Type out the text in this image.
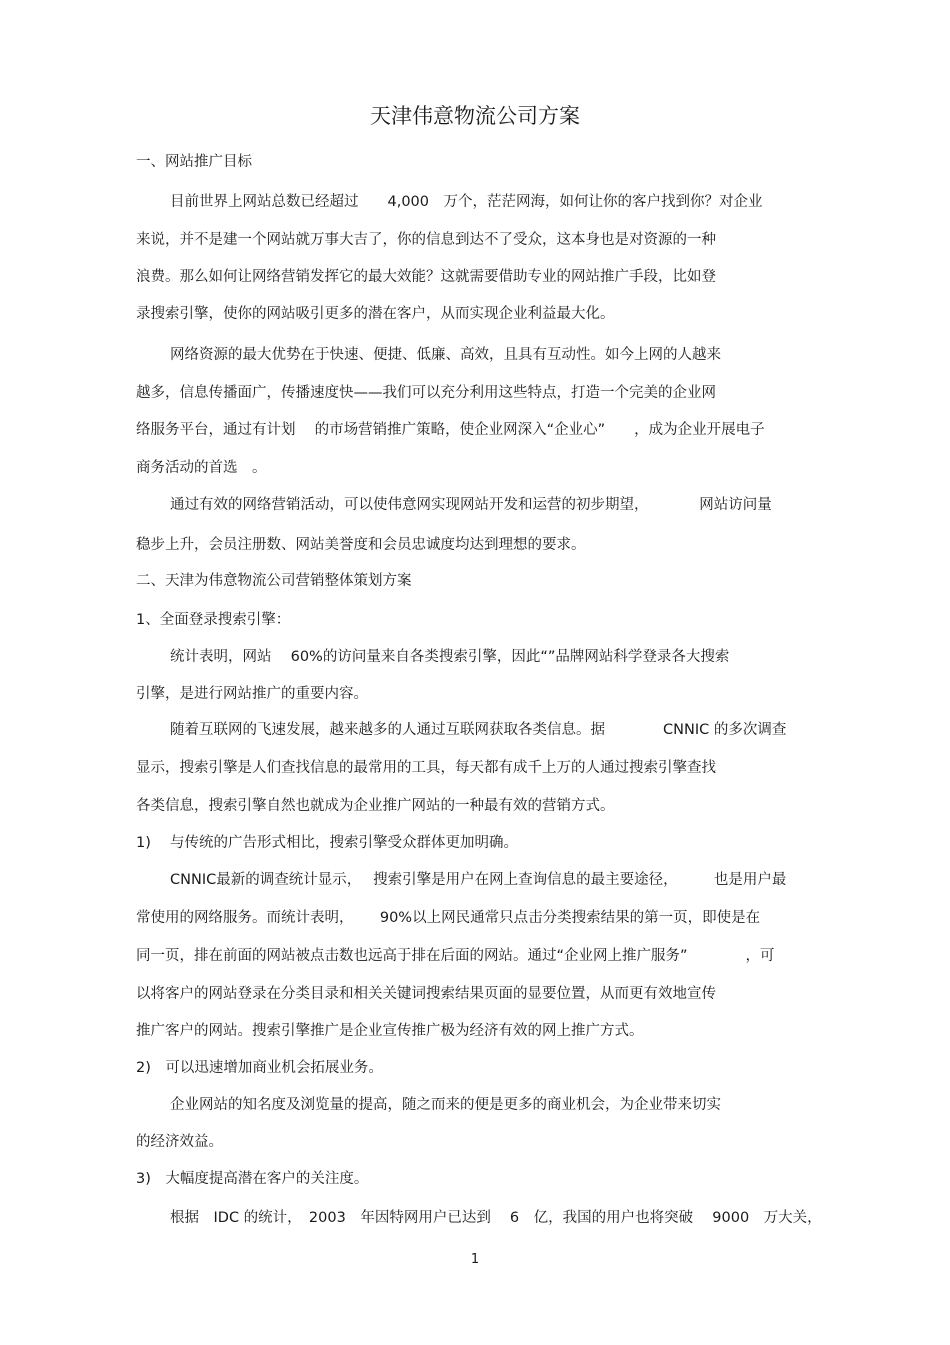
天津伟意物流公司方案
一、网站推广目标
目前世界上网站总数已经超过　　4,000　万个，茫茫网海，如何让你的客户找到你？对企业
来说，并不是建一个网站就万事大吉了，你的信息到达不了受众，这本身也是对资源的一种
浪费。那么如何让网络营销发挥它的最大效能？这就需要借助专业的网站推广手段，比如登
录搜索引擎，使你的网站吸引更多的潜在客户，从而实现企业利益最大化。
网络资源的最大优势在于快速、便捷、低廉、高效，且具有互动性。如今上网的人越来
越多，信息传播面广，传播速度快——我们可以充分利用这些特点，打造一个完美的企业网
络服务平台，通过有计划　 的市场营销推广策略，使企业网深入“企业心”　　，成为企业开展电子
商务活动的首选　。
通过有效的网络营销活动，可以使伟意网实现网站开发和运营的初步期望，　　　　网站访问量
稳步上升，会员注册数、网站美誉度和会员忠诚度均达到理想的要求。
二、天津为伟意物流公司营销整体策划方案
1、全面登录搜索引擎：
统计表明，网站　 60%的访问量来自各类搜索引擎，因此“”品牌网站科学登录各大搜索
引擎，是进行网站推广的重要内容。
随着互联网的飞速发展，越来越多的人通过互联网获取各类信息。据　　　　CNNIC 的多次调查
显示，搜索引擎是人们查找信息的最常用的工具，每天都有成千上万的人通过搜索引擎查找
各类信息，搜索引擎自然也就成为企业推广网站的一种最有效的营销方式。
1)　 与传统的广告形式相比，搜索引擎受众群体更加明确。
CNNIC最新的调查统计显示，　 搜索引擎是用户在网上查询信息的最主要途径，　　　也是用户最
常使用的网络服务。而统计表明，　　 90%以上网民通常只点击分类搜索结果的第一页，即使是在
同一页，排在前面的网站被点击数也远高于排在后面的网站。通过“企业网上推广服务”　　　　，可
以将客户的网站登录在分类目录和相关关键词搜索结果页面的显要位置，从而更有效地宣传
推广客户的网站。搜索引擎推广是企业宣传推广极为经济有效的网上推广方式。
2)　可以迅速增加商业机会拓展业务。
企业网站的知名度及浏览量的提高，随之而来的便是更多的商业机会，为企业带来切实
的经济效益。
3)　大幅度提高潜在客户的关注度。
根据　IDC 的统计，　2003　年因特网用户已达到　 6　亿，我国的用户也将突破　 9000　万大关，
1
